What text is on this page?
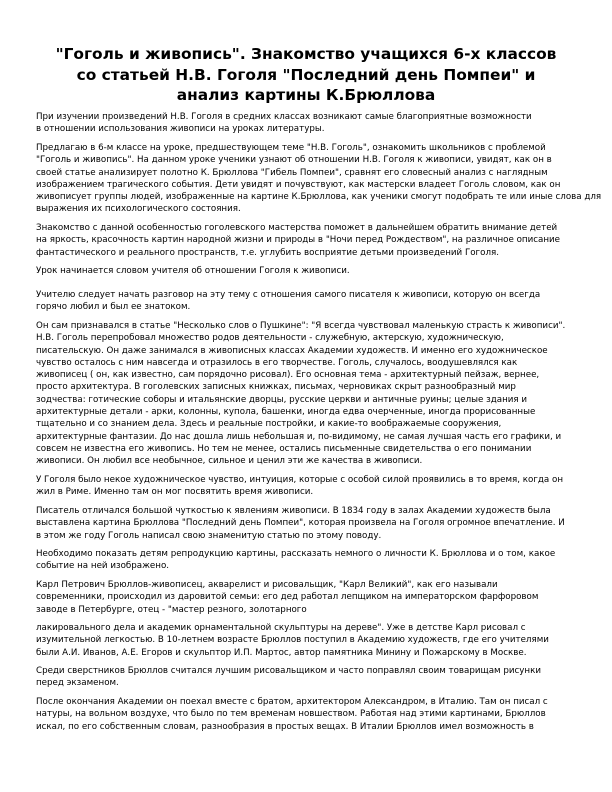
"Гоголь и живопись". Знакомство учащихся 6-х классов
со статьей Н.В. Гоголя "Последний день Помпеи" и
анализ картины К.Брюллова

При изучении произведений Н.В. Гоголя в средних классах возникают самые благоприятные возможности
в отношении использования живописи на уроках литературы.

Предлагаю в 6-м классе на уроке, предшествующем теме "Н.В. Гоголь", ознакомить школьников с проблемой
"Гоголь и живопись". На данном уроке ученики узнают об отношении Н.В. Гоголя к живописи, увидят, как он в
своей статье анализирует полотно К. Брюллова "Гибель Помпеи", сравнят его словесный анализ с наглядным
изображением трагического события. Дети увидят и почувствуют, как мастерски владеет Гоголь словом, как он
живописует группы людей, изображенные на картине К.Брюллова, как ученики смогут подобрать те или иные слова для
выражения их психологического состояния.

Знакомство с данной особенностью гоголевского мастерства поможет в дальнейшем обратить внимание детей
на яркость, красочность картин народной жизни и природы в "Ночи перед Рождеством", на различное описание
фантастического и реального пространств, т.е. углубить восприятие детьми произведений Гоголя.

Урок начинается словом учителя об отношении Гоголя к живописи.

Учителю следует начать разговор на эту тему с отношения самого писателя к живописи, которую он всегда
горячо любил и был ее знатоком.

Он сам признавался в статье "Несколько слов о Пушкине": "Я всегда чувствовал маленькую страсть к живописи".
Н.В. Гоголь перепробовал множество родов деятельности - служебную, актерскую, художническую,
писательскую. Он даже занимался в живописных классах Академии художеств. И именно его художническое
чувство осталось с ним навсегда и отразилось в его творчестве. Гоголь, случалось, воодушевлялся как
живописец ( он, как известно, сам порядочно рисовал). Его основная тема - архитектурный пейзаж, вернее,
просто архитектура. В гоголевских записных книжках, письмах, черновиках скрыт разнообразный мир
зодчества: готические соборы и итальянские дворцы, русские церкви и античные руины; целые здания и
архитектурные детали - арки, колонны, купола, башенки, иногда едва очерченные, иногда прорисованные
тщательно и со знанием дела. Здесь и реальные постройки, и какие-то воображаемые сооружения,
архитектурные фантазии. До нас дошла лишь небольшая и, по-видимому, не самая лучшая часть его графики, и
совсем не известна его живопись. Но тем не менее, остались письменные свидетельства о его понимании
живописи. Он любил все необычное, сильное и ценил эти же качества в живописи.

У Гоголя было некое художническое чувство, интуиция, которые с особой силой проявились в то время, когда он
жил в Риме. Именно там он мог посвятить время живописи.

Писатель отличался большой чуткостью к явлениям живописи. В 1834 году в залах Академии художеств была
выставлена картина Брюллова "Последний день Помпеи", которая произвела на Гоголя огромное впечатление. И
в этом же году Гоголь написал свою знаменитую статью по этому поводу.

Необходимо показать детям репродукцию картины, рассказать немного о личности К. Брюллова и о том, какое
событие на ней изображено.

Карл Петрович Брюллов-живописец, акварелист и рисовальщик, "Карл Великий", как его называли
современники, происходил из даровитой семьи: его дед работал лепщиком на императорском фарфоровом
заводе в Петербурге, отец - "мастер резного, золотарного

лакировального дела и академик орнаментальной скульптуры на дереве". Уже в детстве Карл рисовал с
изумительной легкостью. В 10-летнем возрасте Брюллов поступил в Академию художеств, где его учителями
были А.И. Иванов, А.Е. Егоров и скульптор И.П. Мартос, автор памятника Минину и Пожарскому в Москве.

Среди сверстников Брюллов считался лучшим рисовальщиком и часто поправлял своим товарищам рисунки
перед экзаменом.

После окончания Академии он поехал вместе с братом, архитектором Александром, в Италию. Там он писал с
натуры, на вольном воздухе, что было по тем временам новшеством. Работая над этими картинами, Брюллов
искал, по его собственным словам, разнообразия в простых вещах. В Италии Брюллов имел возможность в
